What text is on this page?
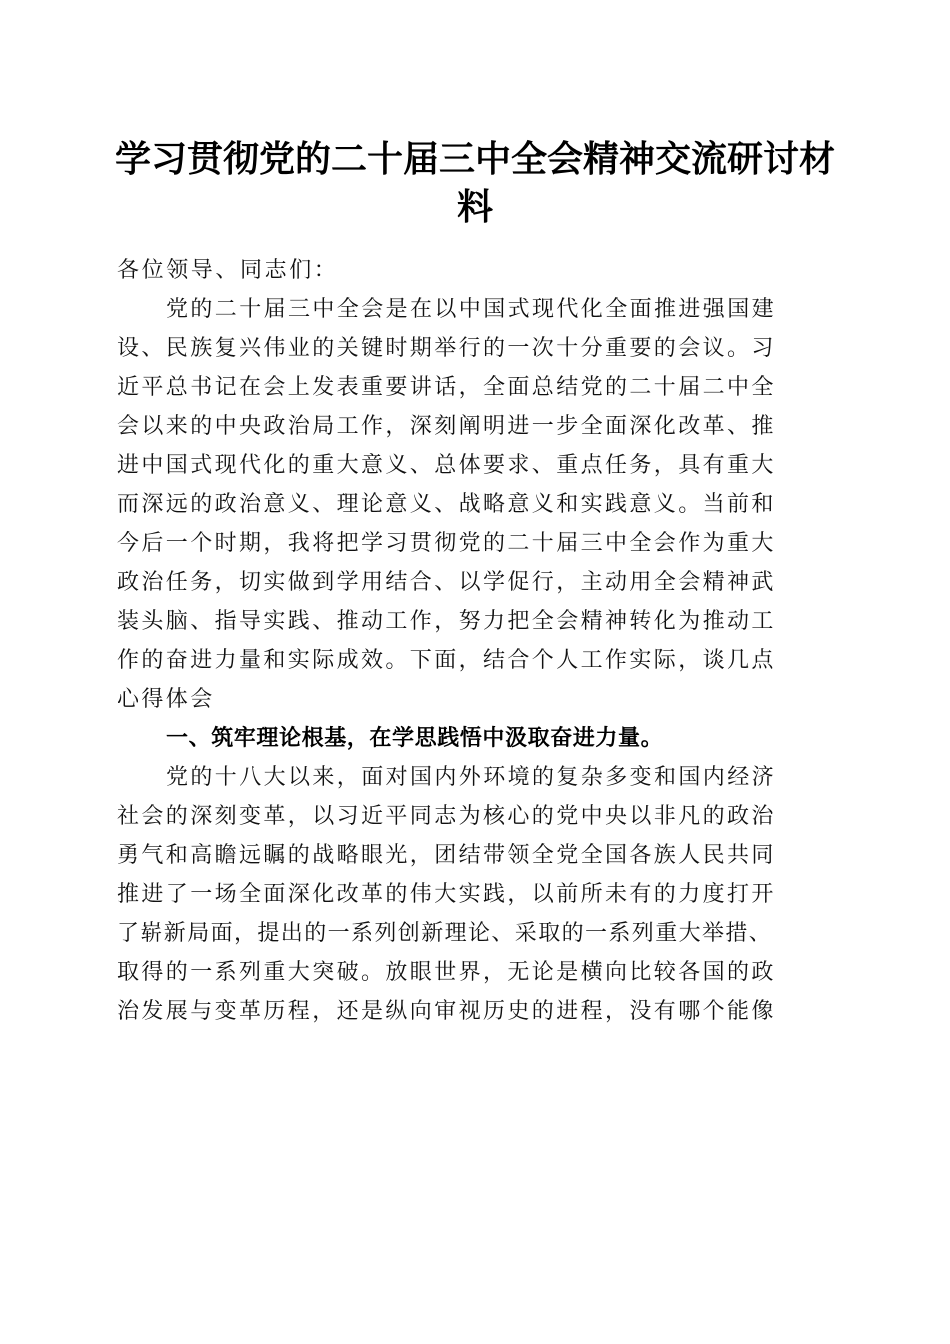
学习贯彻党的二十届三中全会精神交流研讨材
料
各位领导、同志们：
党的二十届三中全会是在以中国式现代化全面推进强国建
设、民族复兴伟业的关键时期举行的一次十分重要的会议。习
近平总书记在会上发表重要讲话，全面总结党的二十届二中全
会以来的中央政治局工作，深刻阐明进一步全面深化改革、推
进中国式现代化的重大意义、总体要求、重点任务，具有重大
而深远的政治意义、理论意义、战略意义和实践意义。当前和
今后一个时期，我将把学习贯彻党的二十届三中全会作为重大
政治任务，切实做到学用结合、以学促行，主动用全会精神武
装头脑、指导实践、推动工作，努力把全会精神转化为推动工
作的奋进力量和实际成效。下面，结合个人工作实际，谈几点
心得体会
一、筑牢理论根基，在学思践悟中汲取奋进力量。
党的十八大以来，面对国内外环境的复杂多变和国内经济
社会的深刻变革，以习近平同志为核心的党中央以非凡的政治
勇气和高瞻远瞩的战略眼光，团结带领全党全国各族人民共同
推进了一场全面深化改革的伟大实践，以前所未有的力度打开
了崭新局面，提出的一系列创新理论、采取的一系列重大举措、
取得的一系列重大突破。放眼世界，无论是横向比较各国的政
治发展与变革历程，还是纵向审视历史的进程，没有哪个能像
